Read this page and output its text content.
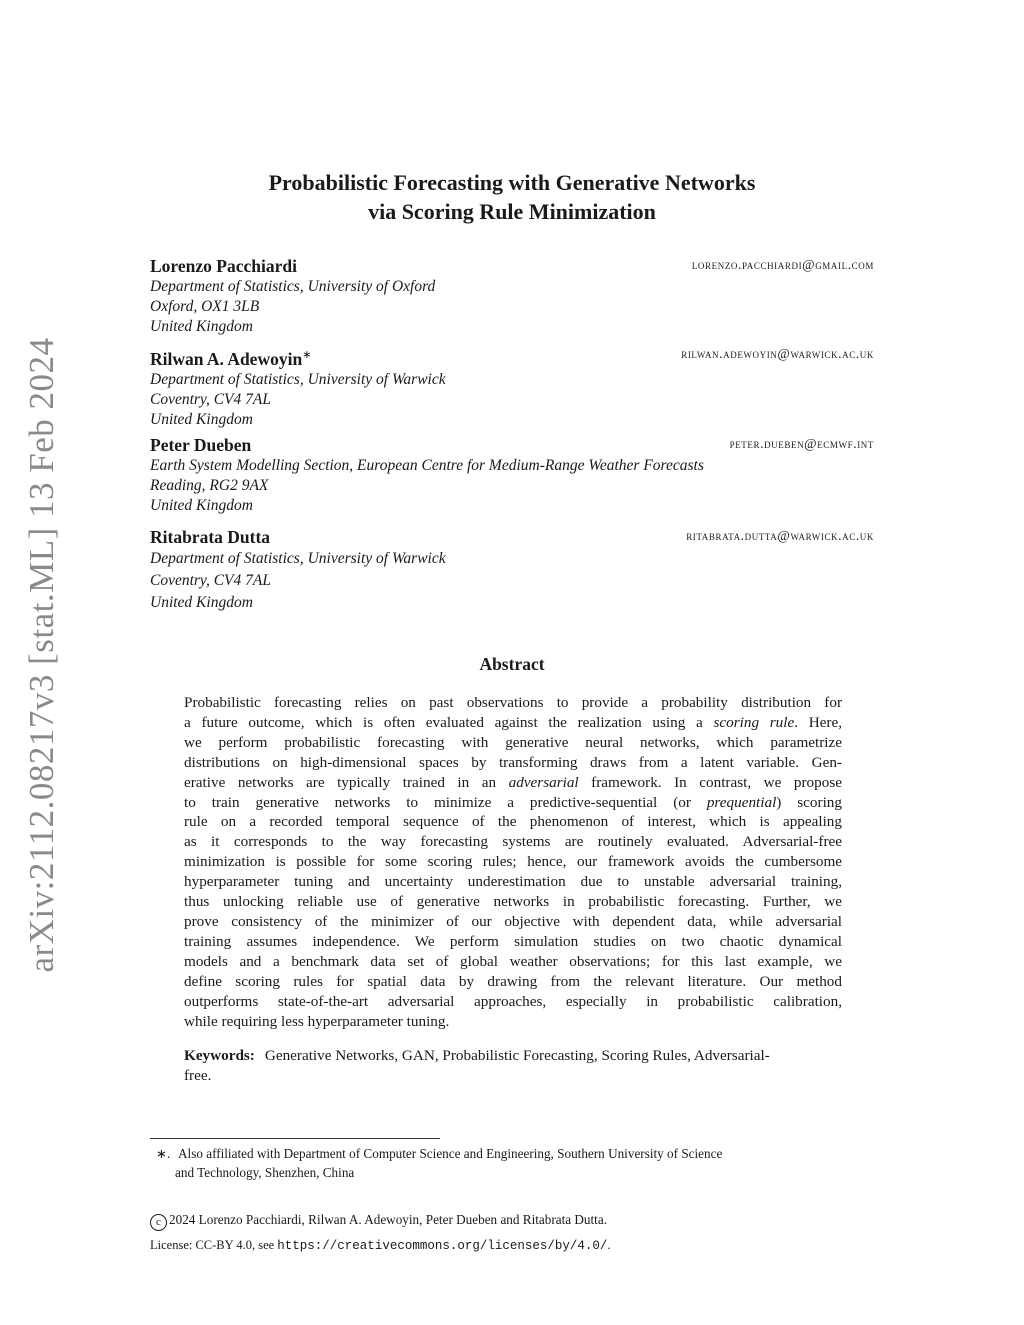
arXiv:2112.08217v3 [stat.ML] 13 Feb 2024
Probabilistic Forecasting with Generative Networks
via Scoring Rule Minimization
Lorenzo Pacchiardi	lorenzo.pacchiardi@gmail.com
Department of Statistics, University of Oxford
Oxford, OX1 3LB
United Kingdom
Rilwan A. Adewoyin∗	rilwan.adewoyin@warwick.ac.uk
Department of Statistics, University of Warwick
Coventry, CV4 7AL
United Kingdom
Peter Dueben	peter.dueben@ecmwf.int
Earth System Modelling Section, European Centre for Medium-Range Weather Forecasts
Reading, RG2 9AX
United Kingdom
Ritabrata Dutta	ritabrata.dutta@warwick.ac.uk
Department of Statistics, University of Warwick
Coventry, CV4 7AL
United Kingdom
Abstract
Probabilistic forecasting relies on past observations to provide a probability distribution for
a future outcome, which is often evaluated against the realization using a scoring rule. Here,
we perform probabilistic forecasting with generative neural networks, which parametrize
distributions on high-dimensional spaces by transforming draws from a latent variable. Gen-
erative networks are typically trained in an adversarial framework. In contrast, we propose
to train generative networks to minimize a predictive-sequential (or prequential) scoring
rule on a recorded temporal sequence of the phenomenon of interest, which is appealing
as it corresponds to the way forecasting systems are routinely evaluated. Adversarial-free
minimization is possible for some scoring rules; hence, our framework avoids the cumbersome
hyperparameter tuning and uncertainty underestimation due to unstable adversarial training,
thus unlocking reliable use of generative networks in probabilistic forecasting. Further, we
prove consistency of the minimizer of our objective with dependent data, while adversarial
training assumes independence. We perform simulation studies on two chaotic dynamical
models and a benchmark data set of global weather observations; for this last example, we
define scoring rules for spatial data by drawing from the relevant literature. Our method
outperforms state-of-the-art adversarial approaches, especially in probabilistic calibration,
while requiring less hyperparameter tuning.
Keywords: Generative Networks, GAN, Probabilistic Forecasting, Scoring Rules, Adversarial-
free.
∗. Also affiliated with Department of Computer Science and Engineering, Southern University of Science
and Technology, Shenzhen, China
c 2024 Lorenzo Pacchiardi, Rilwan A. Adewoyin, Peter Dueben and Ritabrata Dutta.
License: CC-BY 4.0, see https://creativecommons.org/licenses/by/4.0/.
